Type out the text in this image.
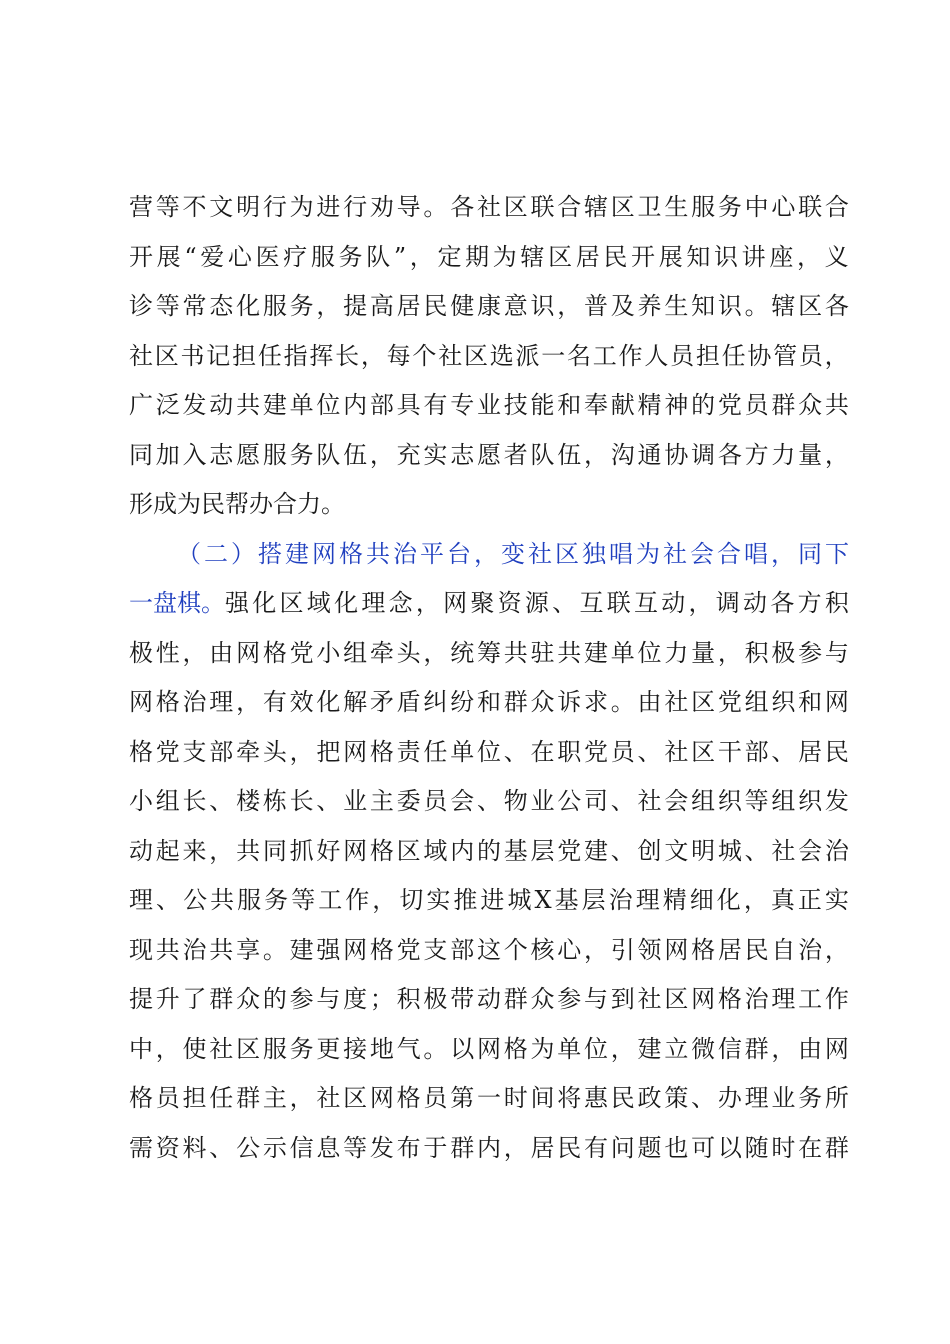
营 等 不 文 明 行 为 进 行 劝 导 。 各 社 区 联 合 辖 区 卫 生 服 务 中 心 联 合
开 展 “ 爱 心 医 疗 服 务 队 ” ， 定 期 为 辖 区 居 民 开 展 知 识 讲 座 ， 义
诊 等 常 态 化 服 务 ， 提 高 居 民 健 康 意 识 ， 普 及 养 生 知 识 。 辖 区 各
社 区 书 记 担 任 指 挥 长 ， 每 个 社 区 选 派 一 名 工 作 人 员 担 任 协 管 员 ，
广 泛 发 动 共 建 单 位 内 部 具 有 专 业 技 能 和 奉 献 精 神 的 党 员 群 众 共
同 加 入 志 愿 服 务 队 伍 ， 充 实 志 愿 者 队 伍 ， 沟 通 协 调 各 方 力 量 ，
形成为民帮办合力。
（ 二 ） 搭 建 网 格 共 治 平 台 ， 变 社 区 独 唱 为 社 会 合 唱 ， 同 下
一盘棋。 强 化 区 域 化 理 念 ， 网 聚 资 源 、 互 联 互 动 ， 调 动 各 方 积
极 性 ， 由 网 格 党 小 组 牵 头 ， 统 筹 共 驻 共 建 单 位 力 量 ， 积 极 参 与
网 格 治 理 ， 有 效 化 解 矛 盾 纠 纷 和 群 众 诉 求 。 由 社 区 党 组 织 和 网
格 党 支 部 牵 头 ， 把 网 格 责 任 单 位 、 在 职 党 员 、 社 区 干 部 、 居 民
小 组 长 、 楼 栋 长 、 业 主 委 员 会 、 物 业 公 司 、 社 会 组 织 等 组 织 发
动 起 来 ， 共 同 抓 好 网 格 区 域 内 的 基 层 党 建 、 创 文 明 城 、 社 会 治
理 、 公 共 服 务 等 工 作 ， 切 实 推 进 城 X 基 层 治 理 精 细 化 ， 真 正 实
现 共 治 共 享 。 建 强 网 格 党 支 部 这 个 核 心 ， 引 领 网 格 居 民 自 治 ，
提 升 了 群 众 的 参 与 度 ； 积 极 带 动 群 众 参 与 到 社 区 网 格 治 理 工 作
中 ， 使 社 区 服 务 更 接 地 气 。 以 网 格 为 单 位 ， 建 立 微 信 群 ， 由 网
格 员 担 任 群 主 ， 社 区 网 格 员 第 一 时 间 将 惠 民 政 策 、 办 理 业 务 所
需 资 料 、 公 示 信 息 等 发 布 于 群 内 ， 居 民 有 问 题 也 可 以 随 时 在 群
